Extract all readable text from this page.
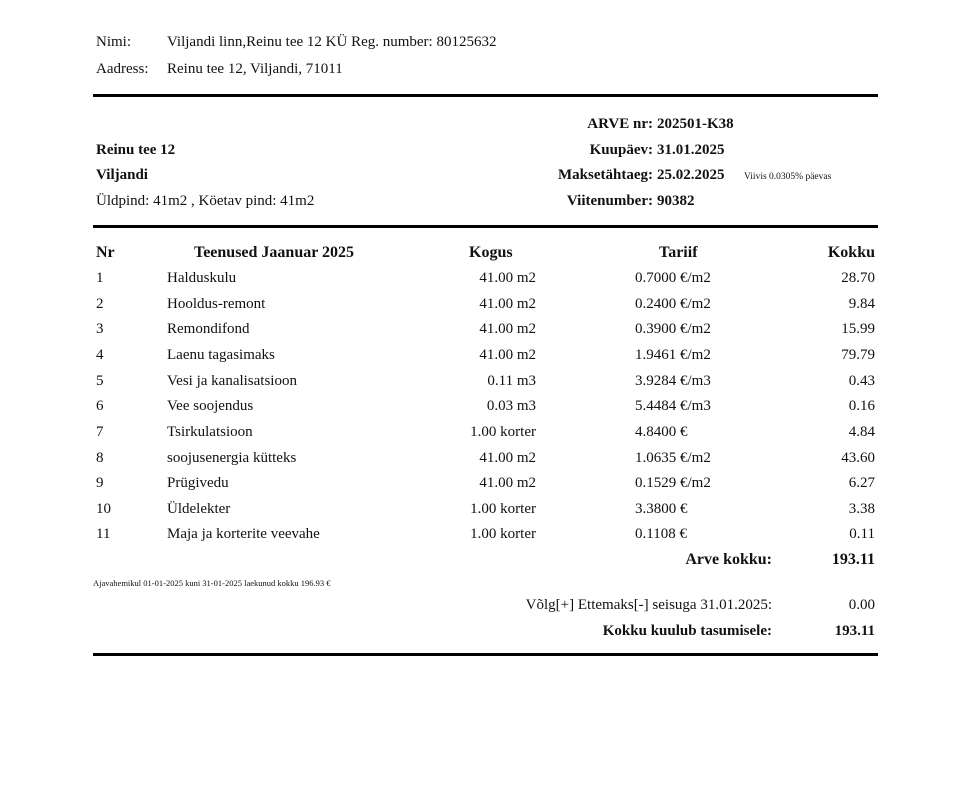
Nimi: Viljandi linn,Reinu tee 12 KÜ Reg. number: 80125632
Aadress: Reinu tee 12, Viljandi, 71011
Reinu tee 12
Viljandi
Üldpind: 41m2 , Köetav pind: 41m2
ARVE nr: 202501-K38
Kuupäev: 31.01.2025
Maksetähtaeg: 25.02.2025 Viivis 0.0305% päevas
Viitenumber: 90382
Nr	Teenused Jaanuar 2025	Kogus	Tariif	Kokku
1	Halduskulu	41.00 m2	0.7000 €/m2	28.70
2	Hooldus-remont	41.00 m2	0.2400 €/m2	9.84
3	Remondifond	41.00 m2	0.3900 €/m2	15.99
4	Laenu tagasimaks	41.00 m2	1.9461 €/m2	79.79
5	Vesi ja kanalisatsioon	0.11 m3	3.9284 €/m3	0.43
6	Vee soojendus	0.03 m3	5.4484 €/m3	0.16
7	Tsirkulatsioon	1.00 korter	4.8400 €	4.84
8	soojusenergia kütteks	41.00 m2	1.0635 €/m2	43.60
9	Prügivedu	41.00 m2	0.1529 €/m2	6.27
10	Üldelekter	1.00 korter	3.3800 €	3.38
11	Maja ja korterite veevahe	1.00 korter	0.1108 €	0.11
Arve kokku:	193.11
Ajavahemikul 01-01-2025 kuni 31-01-2025 laekunud kokku 196.93 €
Võlg[+] Ettemaks[-] seisuga 31.01.2025:	0.00
Kokku kuulub tasumisele:	193.11
